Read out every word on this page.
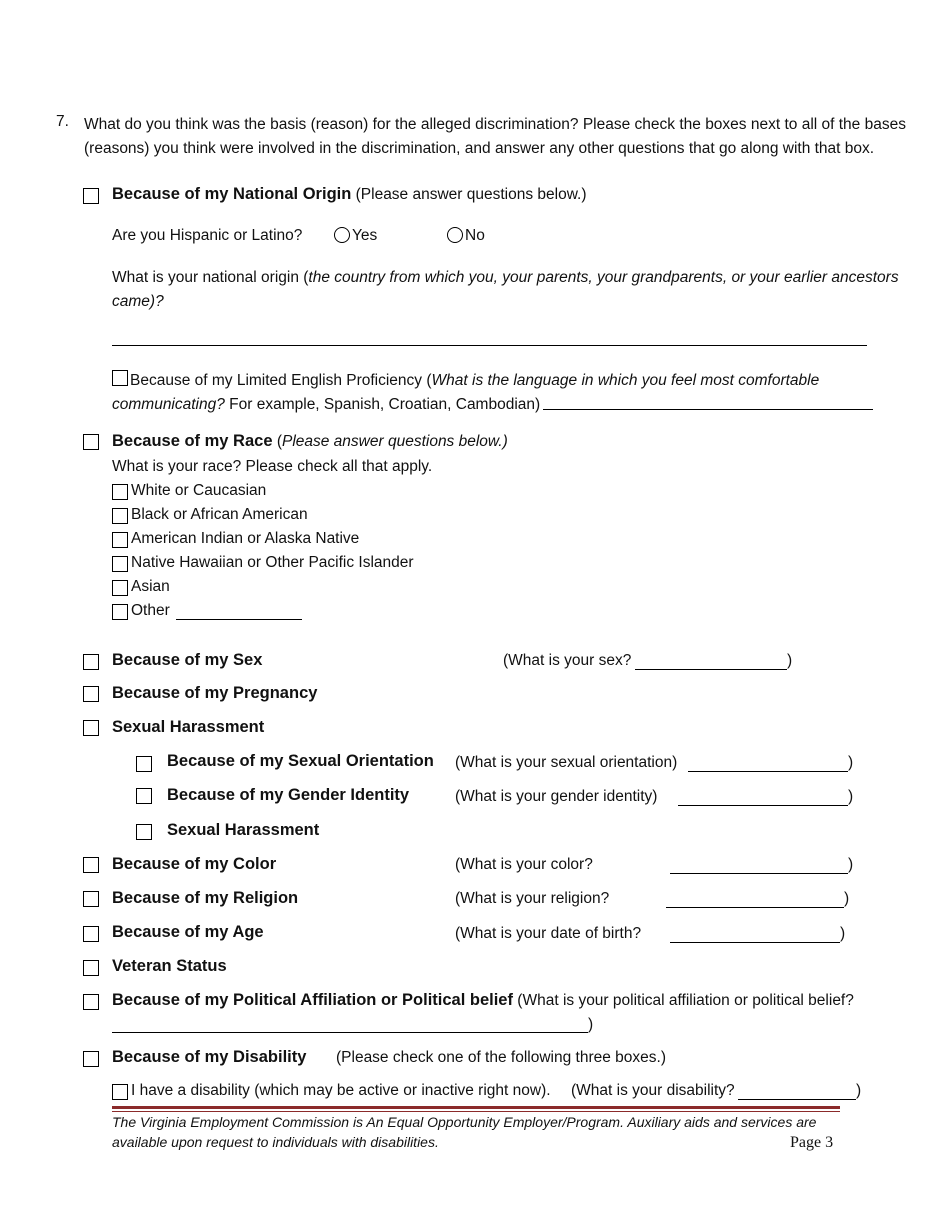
7. What do you think was the basis (reason) for the alleged discrimination? Please check the boxes next to all of the bases (reasons) you think were involved in the discrimination, and answer any other questions that go along with that box.
Because of my National Origin (Please answer questions below.)
Are you Hispanic or Latino?	Yes	No
What is your national origin (the country from which you, your parents, your grandparents, or your earlier ancestors came)?
Because of my Limited English Proficiency (What is the language in which you feel most comfortable communicating? For example, Spanish, Croatian, Cambodian)
Because of my Race (Please answer questions below.)
What is your race? Please check all that apply.
White or Caucasian
Black or African American
American Indian or Alaska Native
Native Hawaiian or Other Pacific Islander
Asian
Other
Because of my Sex	(What is your sex?	)
Because of my Pregnancy
Sexual Harassment
Because of my Sexual Orientation (What is your sexual orientation)	)
Because of my Gender Identity	(What is your gender identity)	)
Sexual Harassment
Because of my Color	(What is your color?	)
Because of my Religion	(What is your religion?	)
Because of my Age	(What is your date of birth?	)
Veteran Status
Because of my Political Affiliation or Political belief (What is your political affiliation or political belief?
)
Because of my Disability (Please check one of the following three boxes.)
I have a disability (which may be active or inactive right now). (What is your disability?	)
The Virginia Employment Commission is An Equal Opportunity Employer/Program. Auxiliary aids and services are
available upon request to individuals with disabilities.	Page 3
